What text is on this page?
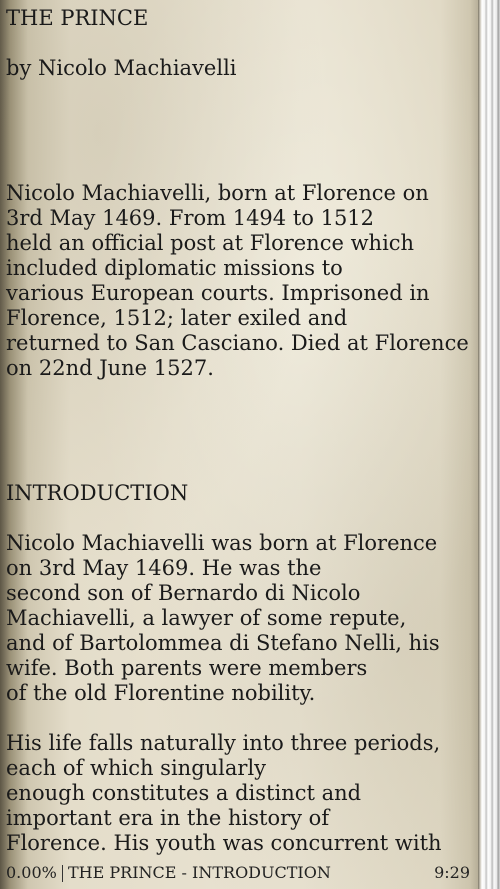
THE PRINCE
by Nicolo Machiavelli
Nicolo Machiavelli, born at Florence on
3rd May 1469. From 1494 to 1512
held an official post at Florence which
included diplomatic missions to
various European courts. Imprisoned in
Florence, 1512; later exiled and
returned to San Casciano. Died at Florence
on 22nd June 1527.
INTRODUCTION
Nicolo Machiavelli was born at Florence
on 3rd May 1469. He was the
second son of Bernardo di Nicolo
Machiavelli, a lawyer of some repute,
and of Bartolommea di Stefano Nelli, his
wife. Both parents were members
of the old Florentine nobility.
His life falls naturally into three periods,
each of which singularly
enough constitutes a distinct and
important era in the history of
Florence. His youth was concurrent with
0.00% THE PRINCE - INTRODUCTION	9:29
